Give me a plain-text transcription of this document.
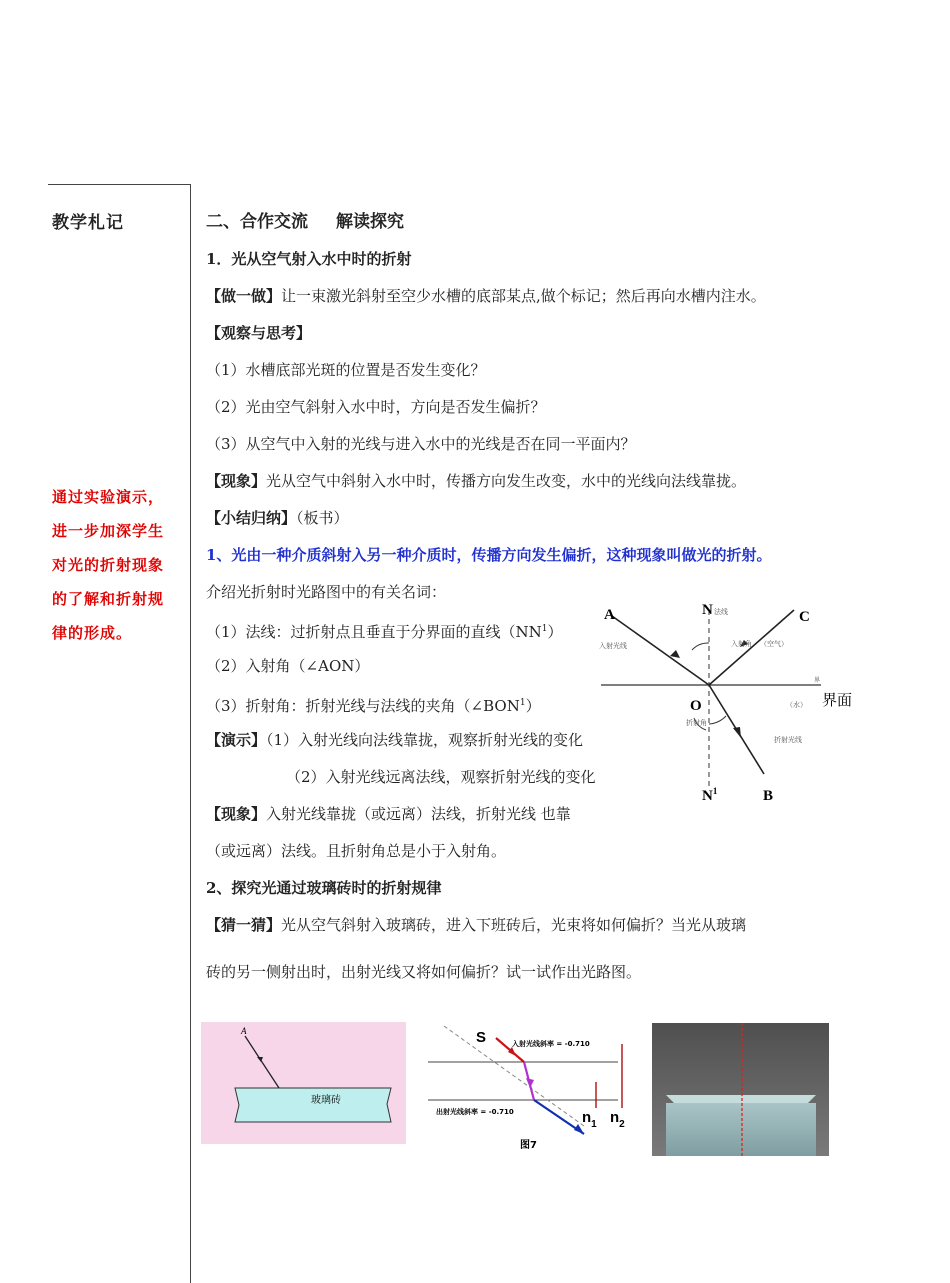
教学札记
通过实验演示，
进一步加深学生
对光的折射现象
的了解和折射规
律的形成。
二、合作交流 解读探究
1．光从空气射入水中时的折射
【做一做】让一束激光斜射至空少水槽的底部某点,做个标记；然后再向水槽内注水。
【观察与思考】
（1）水槽底部光斑的位置是否发生变化？
（2）光由空气斜射入水中时，方向是否发生偏折？
（3）从空气中入射的光线与进入水中的光线是否在同一平面内？
【现象】光从空气中斜射入水中时，传播方向发生改变，水中的光线向法线靠拢。
【小结归纳】（板书）
1、光由一种介质斜射入另一种介质时，传播方向发生偏折，这种现象叫做光的折射。
介绍光折射时光路图中的有关名词：
（1）法线：过折射点且垂直于分界面的直线$(NN^1)$
（2）入射角（∠AON）
（3）折射角：折射光线与法线的夹角（∠BON$^1$）
【演示】（1）入射光线向法线靠拢，观察折射光线的变化
（2）入射光线远离法线，观察折射光线的变化
【现象】入射光线靠拢（或远离）法线，折射光线 也靠
（或远离）法线。且折射角总是小于入射角。
2、探究光通过玻璃砖时的折射规律
【猜一猜】光从空气斜射入玻璃砖，进入下班砖后，光束将如何偏折？当光从玻璃
砖的另一侧射出时，出射光线又将如何偏折？试一试作出光路图。
A	N	C
O
$N^1$	B
界面
界
法线
入射光线	入射角 （空气）
（水）
折射角
折射光线
A
玻璃砖
S	入射光线斜率 = -0.710
出射光线斜率 = -0.710	$n_1$ $n_2$
图7
